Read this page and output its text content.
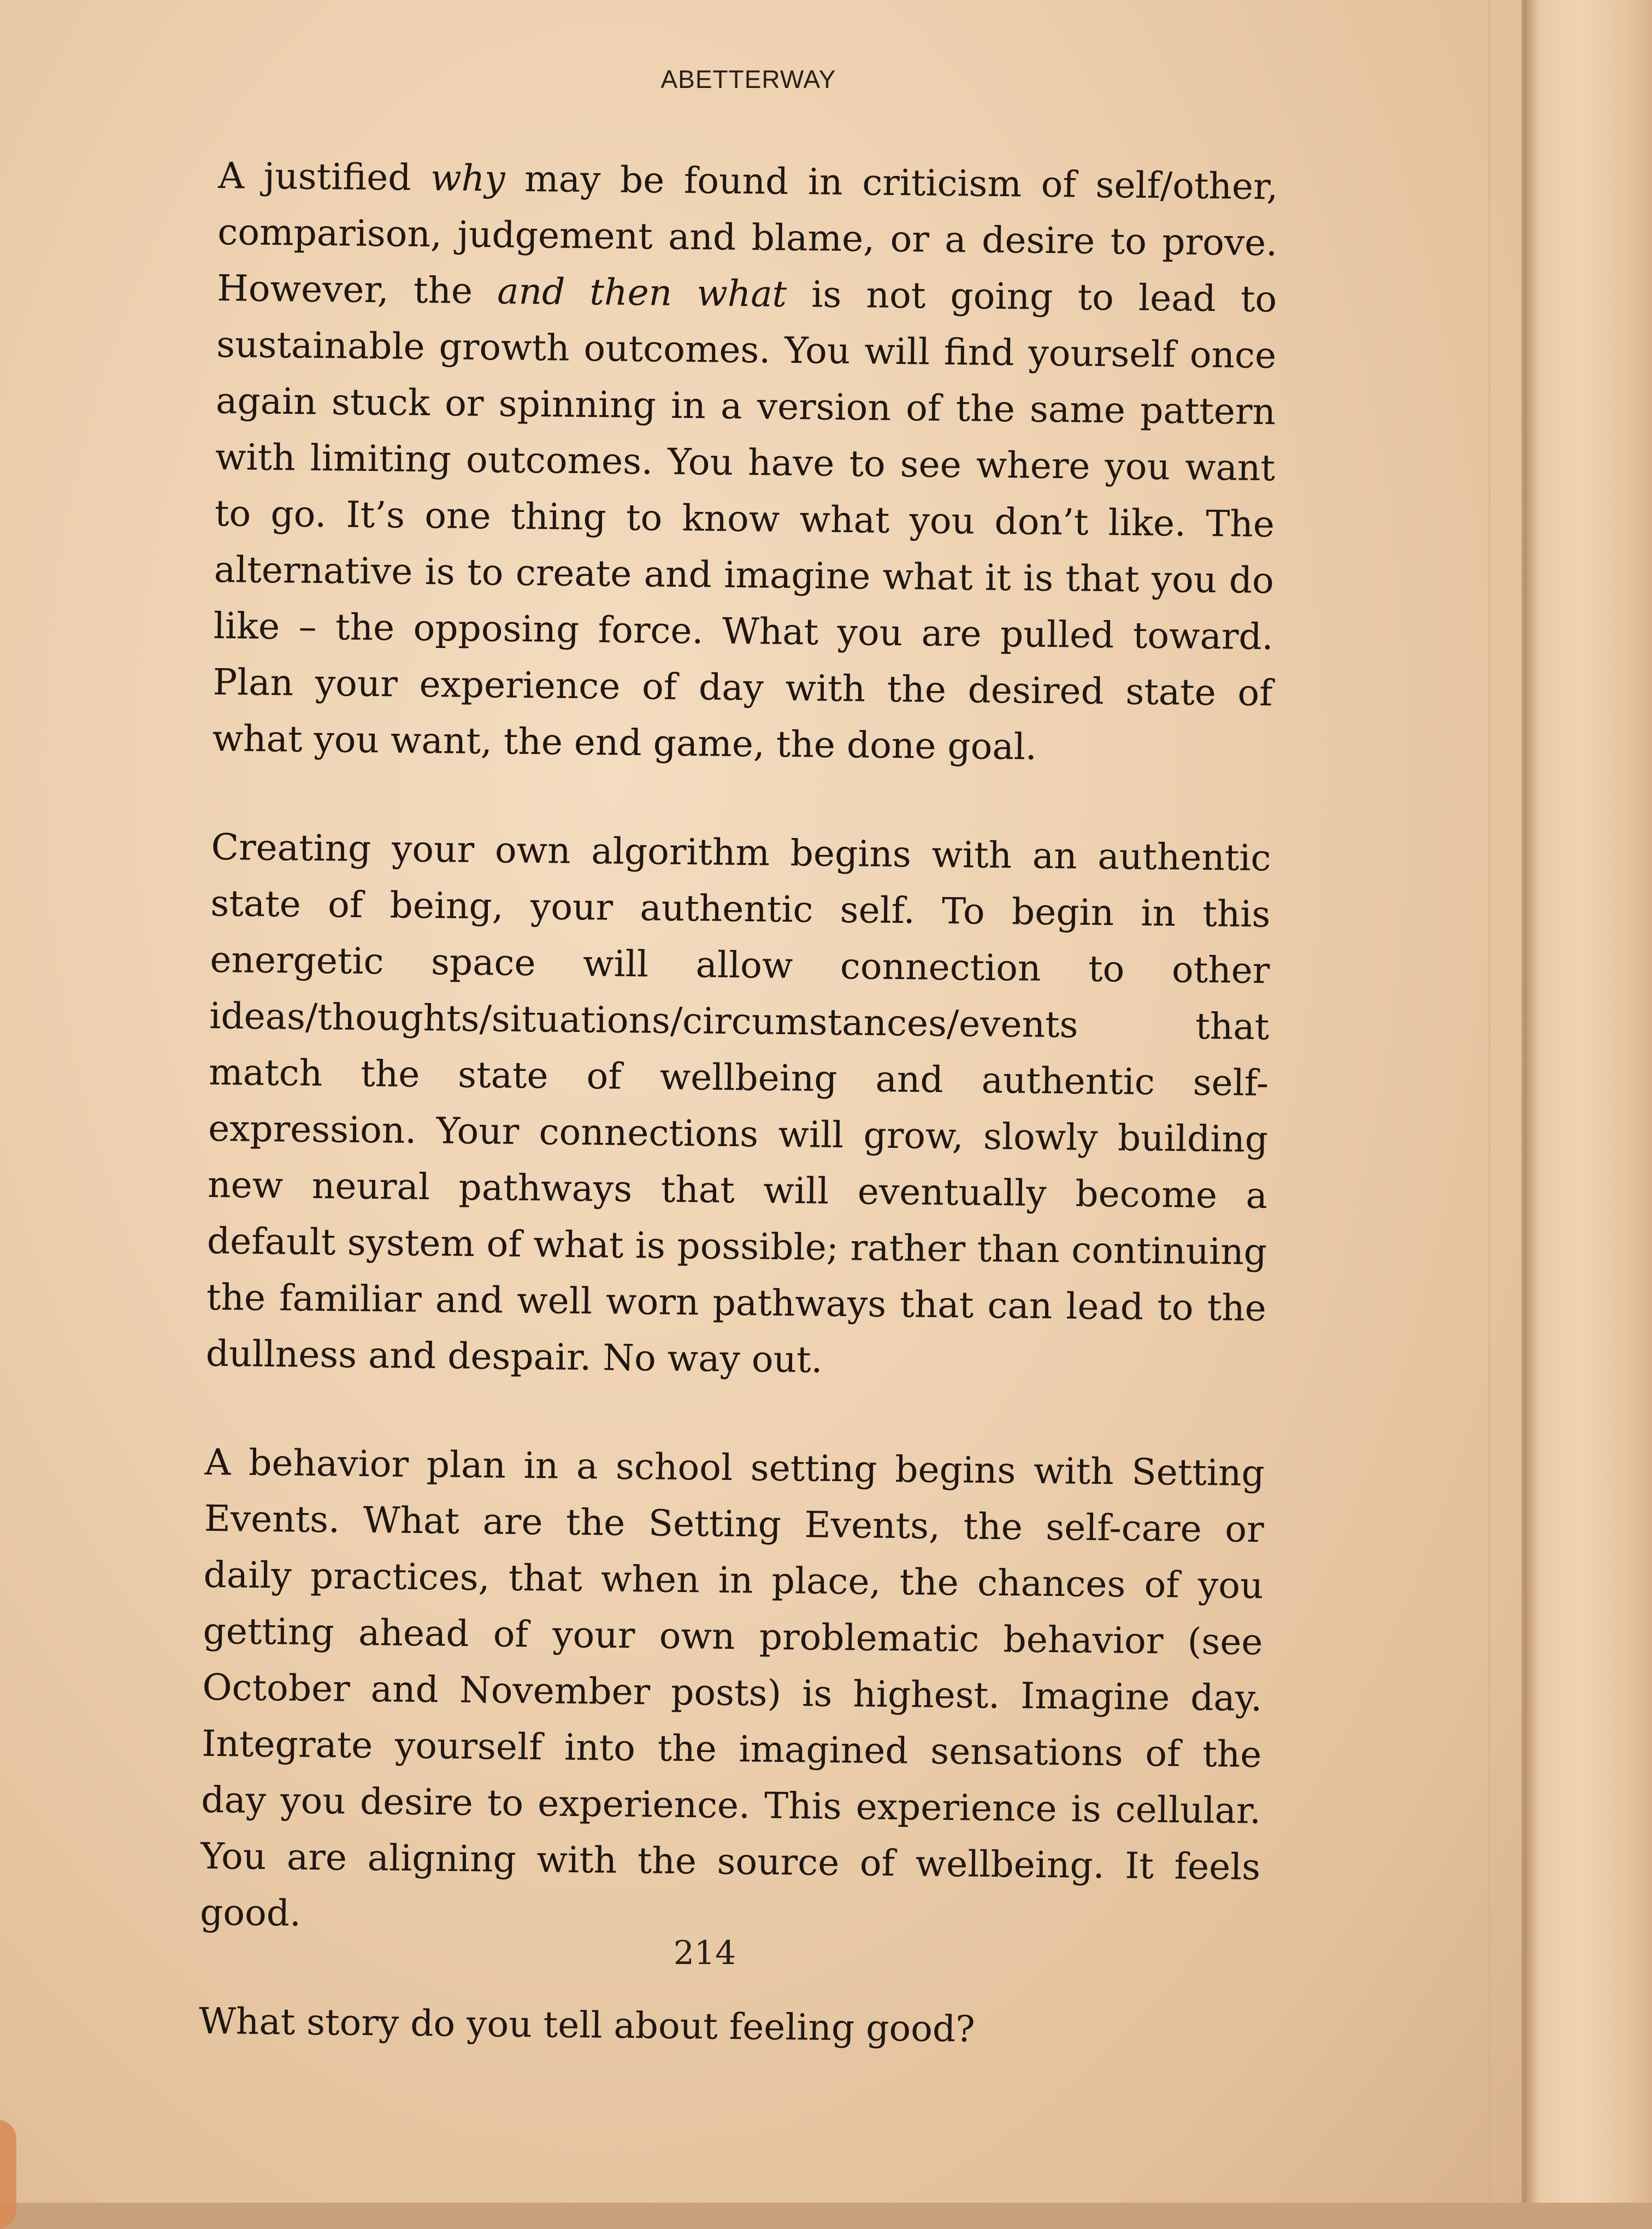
ABETTERWAY

A justified why may be found in criticism of self/other, comparison, judgement and blame, or a desire to prove. However, the and then what is not going to lead to sustainable growth outcomes. You will find yourself once again stuck or spinning in a version of the same pattern with limiting outcomes. You have to see where you want to go. It’s one thing to know what you don’t like. The alternative is to create and imagine what it is that you do like – the opposing force. What you are pulled toward. Plan your experience of day with the desired state of what you want, the end game, the done goal.

Creating your own algorithm begins with an authentic state of being, your authentic self. To begin in this energetic space will allow connection to other ideas/thoughts/situations/circumstances/events that match the state of wellbeing and authentic self-expression. Your connections will grow, slowly building new neural pathways that will eventually become a default system of what is possible; rather than continuing the familiar and well worn pathways that can lead to the dullness and despair. No way out.

A behavior plan in a school setting begins with Setting Events. What are the Setting Events, the self-care or daily practices, that when in place, the chances of you getting ahead of your own problematic behavior (see October and November posts) is highest. Imagine day. Integrate yourself into the imagined sensations of the day you desire to experience. This experience is cellular. You are aligning with the source of wellbeing. It feels good.

What story do you tell about feeling good?

214
